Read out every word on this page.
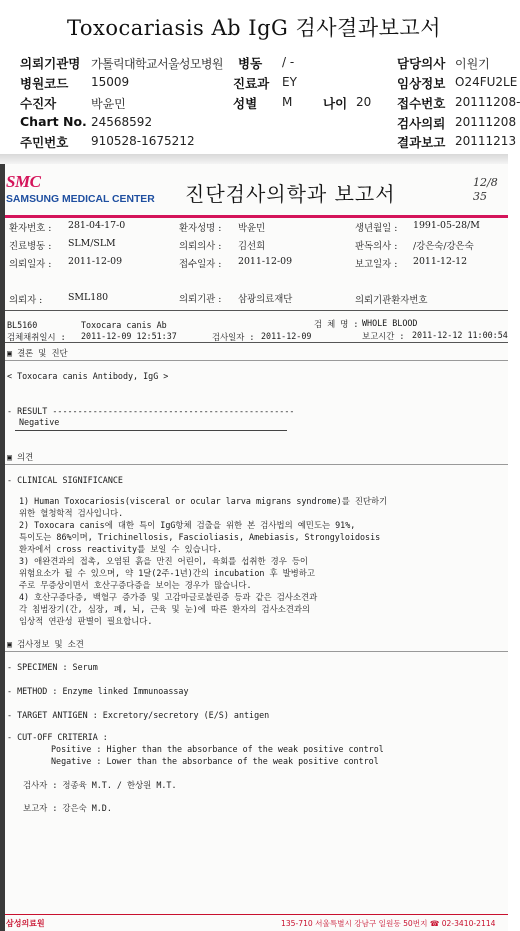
Toxocariasis Ab IgG 검사결과보고서
의뢰기관명 가톨릭대학교서울성모병원 병동 / -	담당의사 이원기
병원코드 15009	진료과 EY	임상정보 O24FU2LE
수진자	박윤민	성별 M 나이 20 접수번호 20111208-
Chart No. 24568592	검사의뢰 20111208
주민번호 910528-1675212	결과보고 20111213
SMC
SAMSUNG MEDICAL CENTER 진단검사의학과 보고서	12/8
35
환자번호 : 281-04-17-0	환자성명 : 박윤민	생년월일 : 1991-05-28/M
진료병동 : SLM/SLM	의뢰의사 : 김선희	판독의사 : /강은숙/강은숙
의뢰일자 : 2011-12-09	접수일자 : 2011-12-09	보고일자 : 2011-12-12
의뢰자 :	SML180	의뢰기관 : 삼광의료재단	의뢰기관환자번호
BL5160	Toxocara canis Ab	검 체 명 : WHOLE BLOOD
검체채취일시 : 2011-12-09 12:51:37	검사일자 : 2011-12-09	보고시간 : 2011-12-12 11:00:54
▣ 결론 및 진단
< Toxocara canis Antibody, IgG >
- RESULT ------------------------------------------------
Negative
▣ 의견
- CLINICAL SIGNIFICANCE
1) Human Toxocariosis(visceral or ocular larva migrans syndrome)를 진단하기
위한 혈청학적 검사입니다.
2) Toxocara canis에 대한 특이 IgG항체 검출을 위한 본 검사법의 예민도는 91%,
특이도는 86%이며, Trichinellosis, Fascioliasis, Amebiasis, Strongyloidosis
환자에서 cross reactivity를 보일 수 있습니다.
3) 애완견과의 접촉, 오염된 흙을 만진 어린이, 육회를 섭취한 경우 등이
위험요소가 될 수 있으며, 약 1달(2주-1년)간의 incubation 후 발병하고
주로 무증상이면서 호산구증다증을 보이는 경우가 많습니다.
4) 호산구증다증, 백혈구 증가증 및 고감마글로불린증 등과 같은 검사소견과
각 침범장기(간, 심장, 폐, 뇌, 근육 및 눈)에 따른 환자의 검사소견과의
임상적 연관성 판별이 필요합니다.
▣ 검사정보 및 소견
- SPECIMEN : Serum
- METHOD : Enzyme linked Immunoassay
- TARGET ANTIGEN : Excretory/secretory (E/S) antigen
- CUT-OFF CRITERIA :
Positive : Higher than the absorbance of the weak positive control
Negative : Lower than the absorbance of the weak positive control
검사자 : 정종육 M.T. / 한상원 M.T.
보고자 : 강은숙 M.D.
삼성의료원	135-710 서울특별시 강남구 일원동 50번지 ☎ 02-3410-2114
